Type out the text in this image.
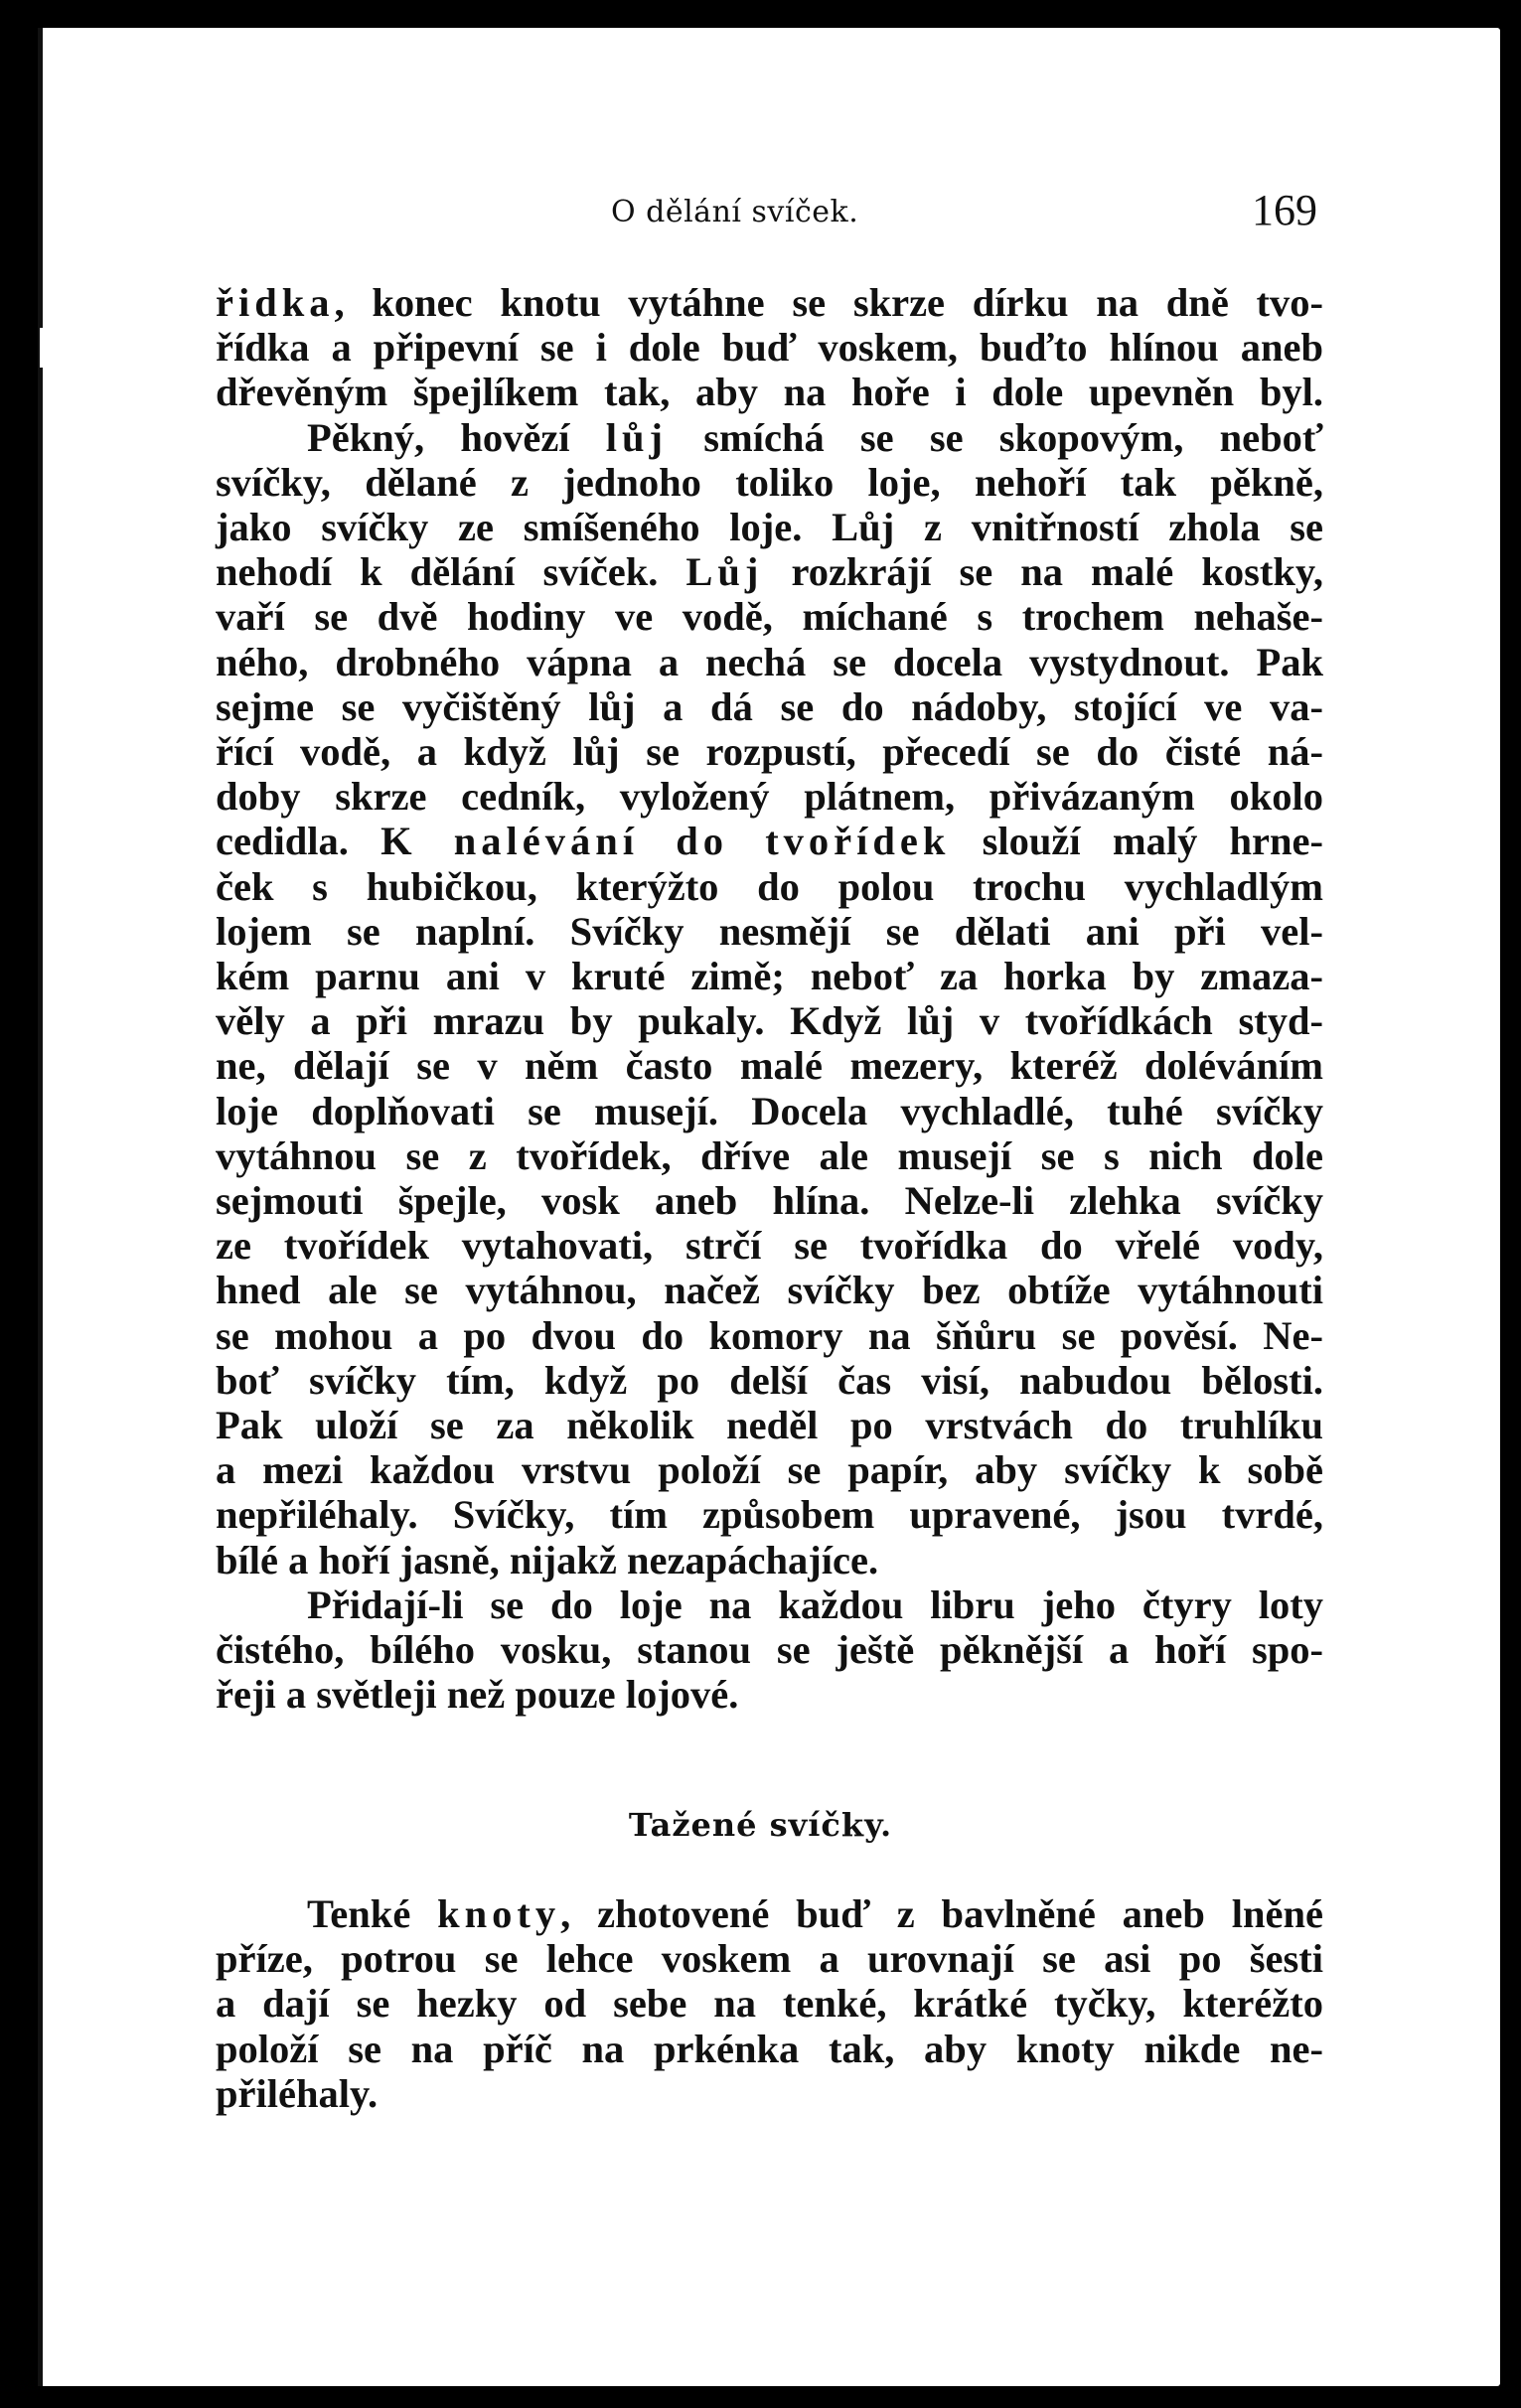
O dělání svíček.	169
řidka, konec knotu vytáhne se skrze dírku na dně tvo-
řídka a připevní se i dole buď voskem, buďto hlínou aneb
dřevěným špejlíkem tak, aby na hoře i dole upevněn byl.
Pěkný, hovězí lůj smíchá se se skopovým, neboť
svíčky, dělané z jednoho toliko loje, nehoří tak pěkně,
jako svíčky ze smíšeného loje. Lůj z vnitřností zhola se
nehodí k dělání svíček. Lůj rozkrájí se na malé kostky,
vaří se dvě hodiny ve vodě, míchané s trochem nehaše-
ného, drobného vápna a nechá se docela vystydnout. Pak
sejme se vyčištěný lůj a dá se do nádoby, stojící ve va-
řící vodě, a když lůj se rozpustí, přecedí se do čisté ná-
doby skrze cedník, vyložený plátnem, přivázaným okolo
cedidla. K nalévání do tvořídek slouží malý hrne-
ček s hubičkou, kterýžto do polou trochu vychladlým
lojem se naplní. Svíčky nesmějí se dělati ani při vel-
kém parnu ani v kruté zimě; neboť za horka by zmaza-
věly a při mrazu by pukaly. Když lůj v tvořídkách styd-
ne, dělají se v něm často malé mezery, kteréž doléváním
loje doplňovati se musejí. Docela vychladlé, tuhé svíčky
vytáhnou se z tvořídek, dříve ale musejí se s nich dole
sejmouti špejle, vosk aneb hlína. Nelze-li zlehka svíčky
ze tvořídek vytahovati, strčí se tvořídka do vřelé vody,
hned ale se vytáhnou, načež svíčky bez obtíže vytáhnouti
se mohou a po dvou do komory na šňůru se pověsí. Ne-
boť svíčky tím, když po delší čas visí, nabudou bělosti.
Pak uloží se za několik neděl po vrstvách do truhlíku
a mezi každou vrstvu položí se papír, aby svíčky k sobě
nepřiléhaly. Svíčky, tím způsobem upravené, jsou tvrdé,
bílé a hoří jasně, nijakž nezapáchajíce.
Přidají-li se do loje na každou libru jeho čtyry loty
čistého, bílého vosku, stanou se ještě pěknější a hoří spo-
řeji a světleji než pouze lojové.
Tažené svíčky.
Tenké knoty, zhotovené buď z bavlněné aneb lněné
příze, potrou se lehce voskem a urovnají se asi po šesti
a dají se hezky od sebe na tenké, krátké tyčky, kteréžto
položí se na příč na prkénka tak, aby knoty nikde ne-
přiléhaly.
